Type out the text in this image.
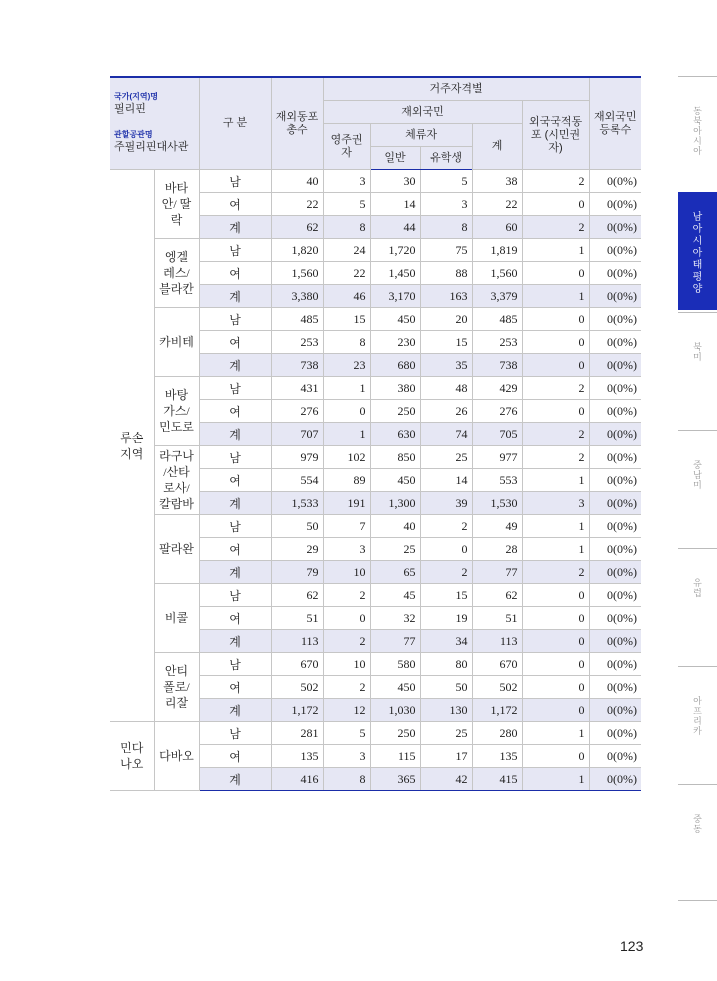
국가(지역)명
필리핀
관할공관명
주필리핀대사관		구 분	재외동포 총수	거주자격별					재외국민 등록수
				재외국민				외국국적동포 (시민권자)	
				영주권자	체류자		계		
					일반	유학생			
루손 지역	바타안/ 딸락	남	40	3	30	5	38	2	0(0%)
		여	22	5	14	3	22	0	0(0%)
		계	62	8	44	8	60	2	0(0%)
	엥겔 레스/ 블라칸	남	1,820	24	1,720	75	1,819	1	0(0%)
		여	1,560	22	1,450	88	1,560	0	0(0%)
		계	3,380	46	3,170	163	3,379	1	0(0%)
	카비테	남	485	15	450	20	485	0	0(0%)
		여	253	8	230	15	253	0	0(0%)
		계	738	23	680	35	738	0	0(0%)
	바탕 가스/ 민도로	남	431	1	380	48	429	2	0(0%)
		여	276	0	250	26	276	0	0(0%)
		계	707	1	630	74	705	2	0(0%)
	라구나 /산타 로사/ 칼람바	남	979	102	850	25	977	2	0(0%)
		여	554	89	450	14	553	1	0(0%)
		계	1,533	191	1,300	39	1,530	3	0(0%)
	팔라완	남	50	7	40	2	49	1	0(0%)
		여	29	3	25	0	28	1	0(0%)
		계	79	10	65	2	77	2	0(0%)
	비콜	남	62	2	45	15	62	0	0(0%)
		여	51	0	32	19	51	0	0(0%)
		계	113	2	77	34	113	0	0(0%)
	안티 폴로/ 리잘	남	670	10	580	80	670	0	0(0%)
		여	502	2	450	50	502	0	0(0%)
		계	1,172	12	1,030	130	1,172	0	0(0%)
민다 나오	다바오	남	281	5	250	25	280	1	0(0%)
		여	135	3	115	17	135	0	0(0%)
		계	416	8	365	42	415	1	0(0%)
동북아시아
남아시아태평양
북미
중남미
유럽
아프리카
중동
123
